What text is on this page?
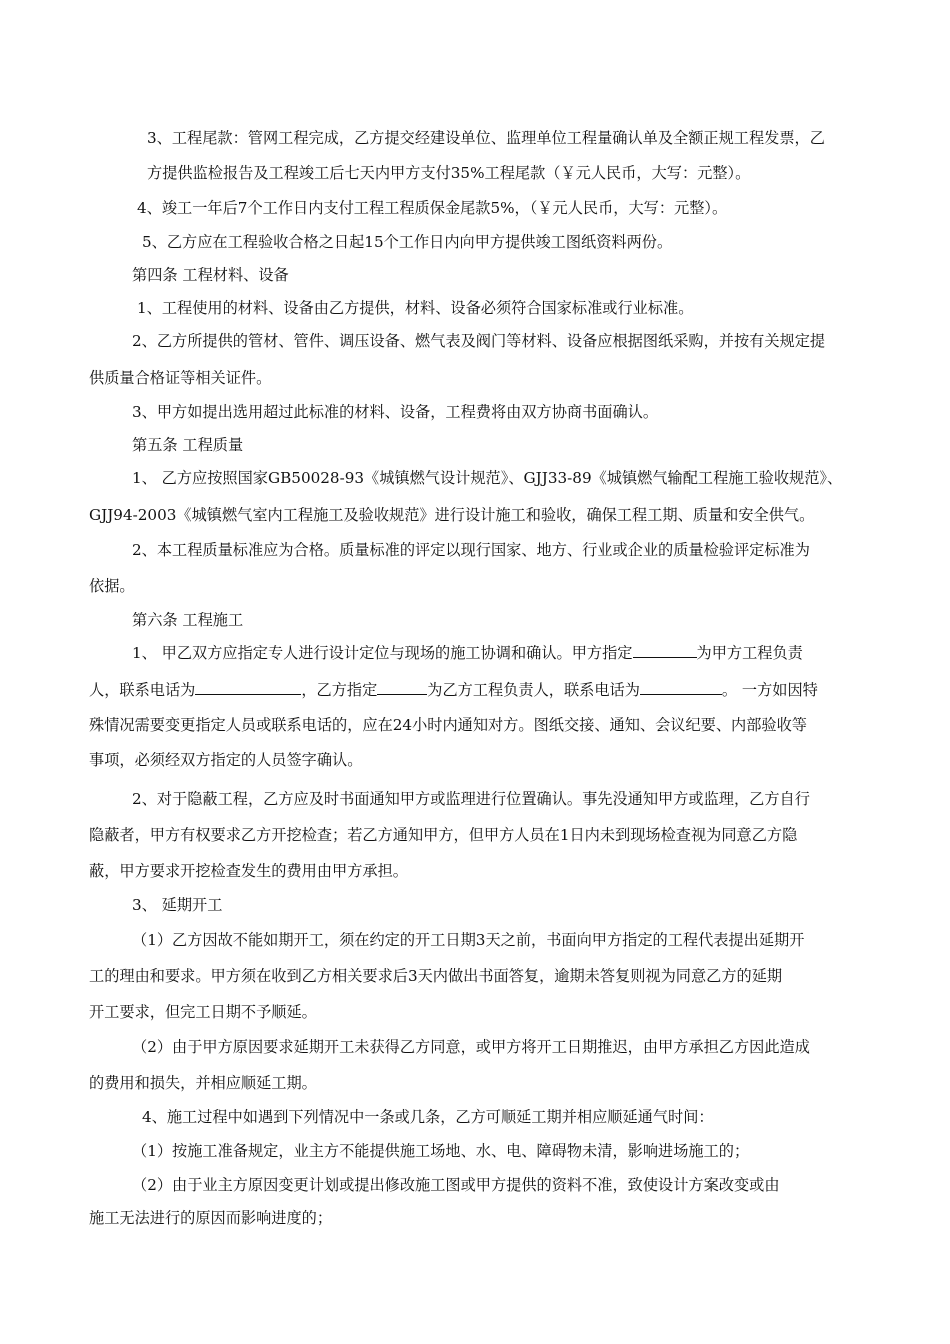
3、工程尾款：管网工程完成，乙方提交经建设单位、监理单位工程量确认单及全额正规工程发票，乙

方提供监检报告及工程竣工后七天内甲方支付35%工程尾款（￥元人民币，大写：元整）。

4、竣工一年后7个工作日内支付工程工程质保金尾款5%，（￥元人民币，大写：元整）。

5、乙方应在工程验收合格之日起15个工作日内向甲方提供竣工图纸资料两份。

第四条 工程材料、设备

1、工程使用的材料、设备由乙方提供，材料、设备必须符合国家标准或行业标准。

2、乙方所提供的管材、管件、调压设备、燃气表及阀门等材料、设备应根据图纸采购，并按有关规定提

供质量合格证等相关证件。

3、甲方如提出选用超过此标准的材料、设备，工程费将由双方协商书面确认。

第五条 工程质量

1、 乙方应按照国家GB50028-93《城镇燃气设计规范》、GJJ33-89《城镇燃气输配工程施工验收规范》、

GJJ94-2003《城镇燃气室内工程施工及验收规范》进行设计施工和验收，确保工程工期、质量和安全供气。

2、本工程质量标准应为合格。质量标准的评定以现行国家、地方、行业或企业的质量检验评定标准为

依据。

第六条 工程施工

1、 甲乙双方应指定专人进行设计定位与现场的施工协调和确认。甲方指定	为甲方工程负责

人，联系电话为	，乙方指定	为乙方工程负责人，联系电话为	。 一方如因特

殊情况需要变更指定人员或联系电话的，应在24小时内通知对方。图纸交接、通知、会议纪要、内部验收等

事项，必须经双方指定的人员签字确认。

2、对于隐蔽工程，乙方应及时书面通知甲方或监理进行位置确认。事先没通知甲方或监理，乙方自行

隐蔽者，甲方有权要求乙方开挖检查；若乙方通知甲方，但甲方人员在1日内未到现场检查视为同意乙方隐

蔽，甲方要求开挖检查发生的费用由甲方承担。

3、 延期开工

（1）乙方因故不能如期开工，须在约定的开工日期3天之前，书面向甲方指定的工程代表提出延期开

工的理由和要求。甲方须在收到乙方相关要求后3天内做出书面答复，逾期未答复则视为同意乙方的延期

开工要求，但完工日期不予顺延。

（2）由于甲方原因要求延期开工未获得乙方同意，或甲方将开工日期推迟，由甲方承担乙方因此造成

的费用和损失，并相应顺延工期。

4、施工过程中如遇到下列情况中一条或几条，乙方可顺延工期并相应顺延通气时间：

（1）按施工准备规定，业主方不能提供施工场地、水、电、障碍物未清，影响进场施工的；

（2）由于业主方原因变更计划或提出修改施工图或甲方提供的资料不准，致使设计方案改变或由

施工无法进行的原因而影响进度的；
